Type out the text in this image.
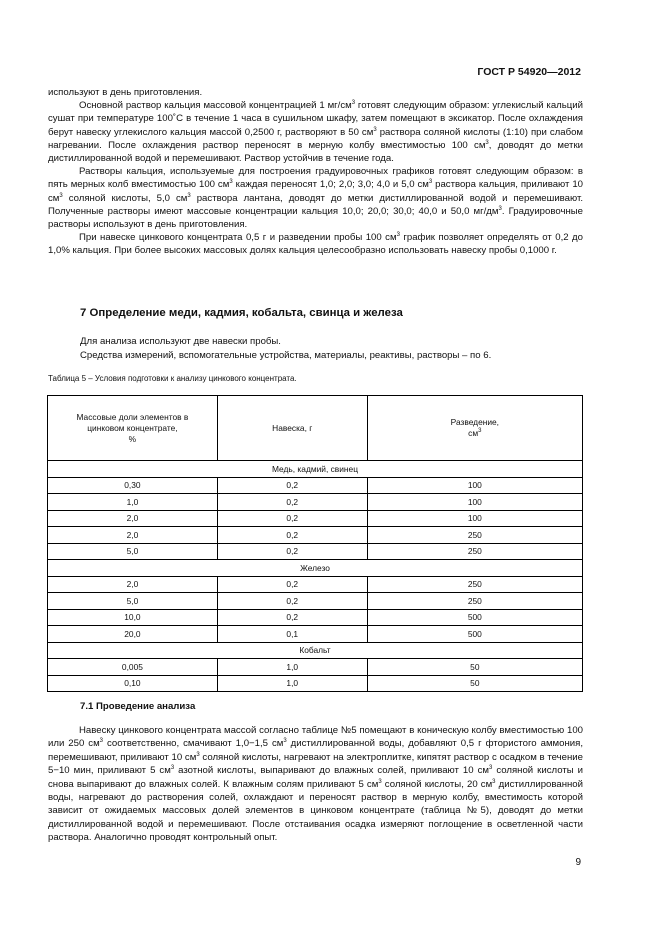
ГОСТ Р 54920—2012

используют в день приготовления.

Основной раствор кальция массовой концентрацией 1 $мг/см^3$ готовят следующим образом: углекислый кальций сушат при температуре 100˚С в течение 1 часа в сушильном шкафу, затем помещают в эксикатор. После охлаждения берут навеску углекислого кальция массой 0,2500 г, растворяют в 50 $см^3$ раствора соляной кислоты (1:10) при слабом нагревании. После охлаждения раствор переносят в мерную колбу вместимостью 100 $см^3$, доводят до метки дистиллированной водой и перемешивают. Раствор устойчив в течение года.

Растворы кальция, используемые для построения градуировочных графиков готовят следующим образом: в пять мерных колб вместимостью 100 $см^3$ каждая переносят 1,0; 2,0; 3,0; 4,0 и 5,0 $см^3$ раствора кальция, приливают 10 $см^3$ соляной кислоты, 5,0 $см^3$ раствора лантана, доводят до метки дистиллированной водой и перемешивают. Полученные растворы имеют массовые концентрации кальция 10,0; 20,0; 30,0; 40,0 и 50,0 $мг/дм^3$. Градуировочные растворы используют в день приготовления.

При навеске цинкового концентрата 0,5 г и разведении пробы 100 $см^3$ график позволяет определять от 0,2 до 1,0% кальция. При более высоких массовых долях кальция целесообразно использовать навеску пробы 0,1000 г.

7 Определение меди, кадмия, кобальта, свинца и железа

Для анализа используют две навески пробы.

Средства измерений, вспомогательные устройства, материалы, реактивы, растворы – по 6.

Таблица 5 – Условия подготовки к анализу цинкового концентрата.
Массовые доли элементов в
цинковом концентрате,
%	Навеска, г	Разведение,
$см^3$
Медь, кадмий, свинец		
0,30	0,2	100
1,0	0,2	100
2,0	0,2	100
2,0	0,2	250
5,0	0,2	250
Железо		
2,0	0,2	250
5,0	0,2	250
10,0	0,2	500
20,0	0,1	500
Кобальт		
0,005	1,0	50
0,10	1,0	50
7.1 Проведение анализа

Навеску цинкового концентрата массой согласно таблице №5 помещают в коническую колбу вместимостью 100 или 250 $см^3$ соответственно, смачивают 1,0−1,5 $см^3$ дистиллированной воды, добавляют 0,5 г фтористого аммония, перемешивают, приливают 10 $см^3$ соляной кислоты, нагревают на электроплитке, кипятят раствор с осадком в течение 5−10 мин, приливают 5 $см^3$ азотной кислоты, выпаривают до влажных солей, приливают 10 $см^3$ соляной кислоты и снова выпаривают до влажных солей. К влажным солям приливают 5 $см^3$ соляной кислоты, 20 $см^3$ дистиллированной воды, нагревают до растворения солей, охлаждают и переносят раствор в мерную колбу, вместимость которой зависит от ожидаемых массовых долей элементов в цинковом концентрате (таблица №5), доводят до метки дистиллированной водой и перемешивают. После отстаивания осадка измеряют поглощение в осветленной части раствора. Аналогично проводят контрольный опыт.

9
